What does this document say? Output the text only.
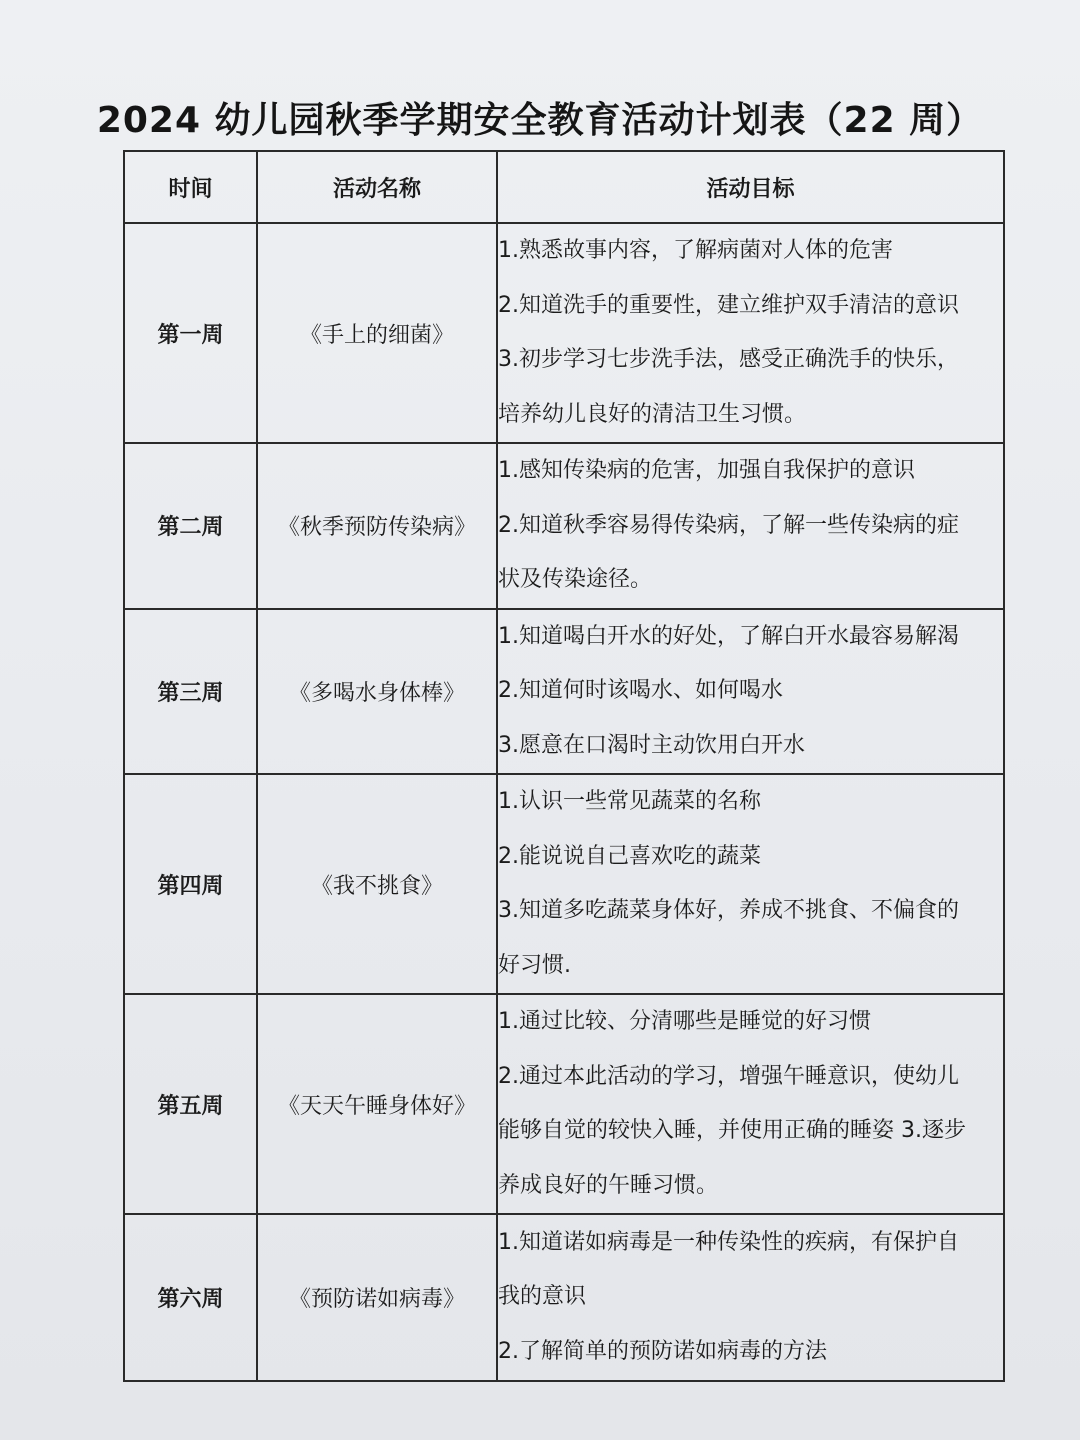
2024 幼儿园秋季学期安全教育活动计划表（22 周）
时间	活动名称	活动目标
第一周	《手上的细菌》	1.熟悉故事内容，了解病菌对人体的危害
2.知道洗手的重要性，建立维护双手清洁的意识
3.初步学习七步洗手法，感受正确洗手的快乐，
培养幼儿良好的清洁卫生习惯。

第二周	《秋季预防传染病》	1.感知传染病的危害，加强自我保护的意识
2.知道秋季容易得传染病，了解一些传染病的症
状及传染途径。

第三周	《多喝水身体棒》	1.知道喝白开水的好处，了解白开水最容易解渴
2.知道何时该喝水、如何喝水
3.愿意在口渴时主动饮用白开水

第四周	《我不挑食》	1.认识一些常见蔬菜的名称
2.能说说自己喜欢吃的蔬菜
3.知道多吃蔬菜身体好，养成不挑食、不偏食的
好习惯.

第五周	《天天午睡身体好》	1.通过比较、分清哪些是睡觉的好习惯
2.通过本此活动的学习，增强午睡意识，使幼儿
能够自觉的较快入睡，并使用正确的睡姿 3.逐步
养成良好的午睡习惯。

第六周	《预防诺如病毒》	1.知道诺如病毒是一种传染性的疾病，有保护自
我的意识
2.了解简单的预防诺如病毒的方法
